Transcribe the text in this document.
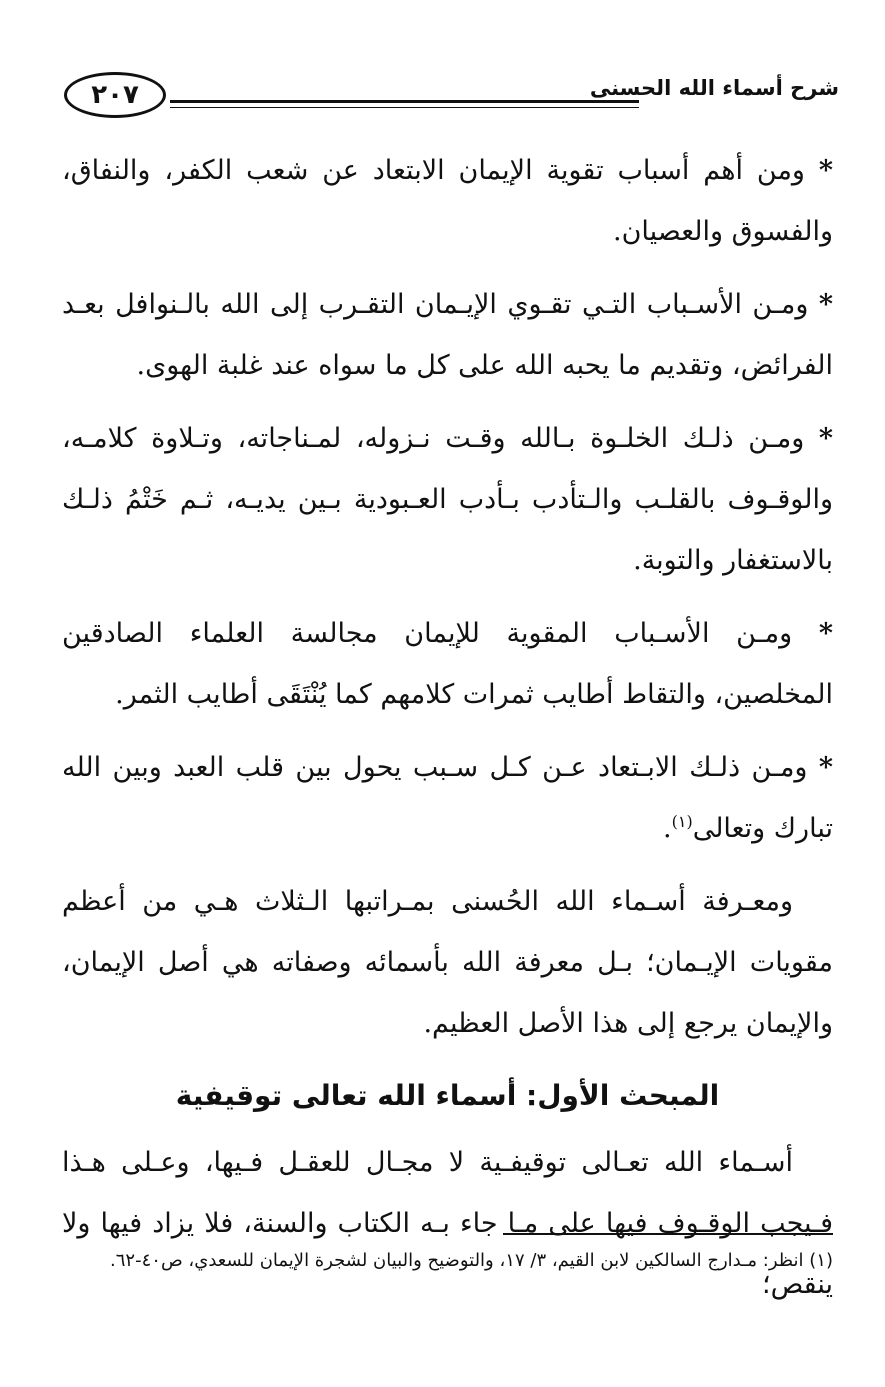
شرح أسماء الله الحسنى
٢٠٧

* ومن أهم أسباب تقوية الإيمان الابتعاد عن شعب الكفر، والنفاق، والفسوق والعصيان.

* ومـن الأسـباب التـي تقـوي الإيـمان التقـرب إلى الله بالـنوافل بعـد الفرائض، وتقديم ما يحبه الله على كل ما سواه عند غلبة الهوى.

* ومـن ذلـك الخلـوة بـالله وقـت نـزوله، لمـناجاته، وتـلاوة كلامـه، والوقـوف بالقلـب والـتأدب بـأدب العـبودية بـين يديـه، ثـم خَتْمُ ذلـك بالاستغفار والتوبة.

* ومـن الأسـباب المقوية للإيمان مجالسة العلماء الصادقين المخلصين، والتقاط أطايب ثمرات كلامهم كما يُنْتَقَى أطايب الثمر.

* ومـن ذلـك الابـتعاد عـن كـل سـبب يحول بين قلب العبد وبين الله تبارك وتعالى$^{(١)}$.

ومعـرفة أسـماء الله الحُسنى بمـراتبها الـثلاث هـي من أعظم مقويات الإيـمان؛ بـل معرفة الله بأسمائه وصفاته هي أصل الإيمان، والإيمان يرجع إلى هذا الأصل العظيم.

المبحث الأول: أسماء الله تعالى توقيفية

أسـماء الله تعـالى توقيفـية لا مجـال للعقـل فـيها، وعـلى هـذا فـيجب الوقـوف فيها على مـا جاء بـه الكتاب والسنة، فلا يزاد فيها ولا ينقص؛

(١) انظر: مـدارج السالكين لابن القيم، ٣/ ١٧، والتوضيح والبيان لشجرة الإيمان للسعدي، ص٤٠-٦٢.
